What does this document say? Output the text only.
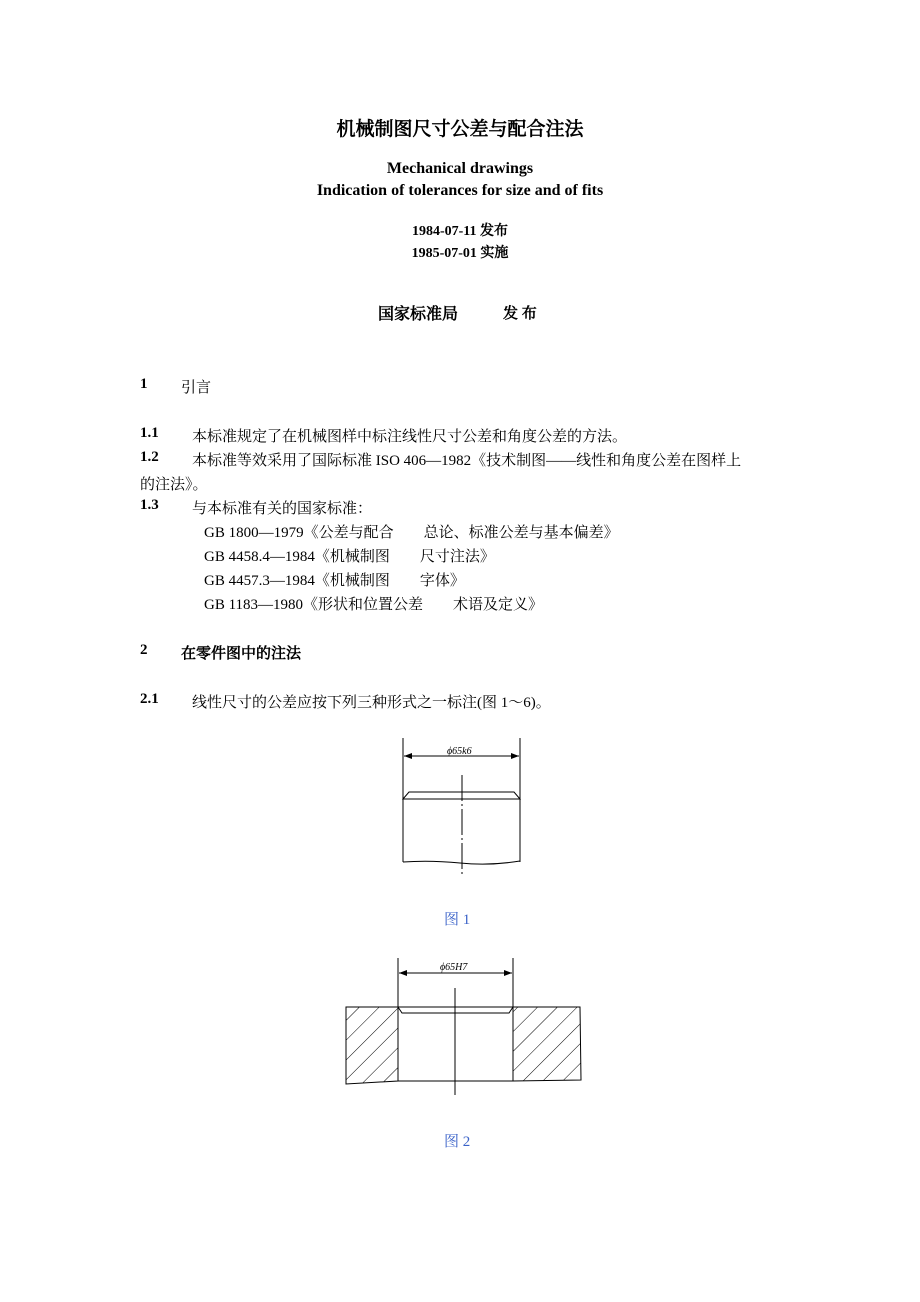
机械制图尺寸公差与配合注法
Mechanical drawings
Indication of tolerances for size and of fits
1984-07-11 发布
1985-07-01 实施
国家标准局	发 布
1 引言
1.1 本标准规定了在机械图样中标注线性尺寸公差和角度公差的方法。
1.2 本标准等效采用了国际标准 ISO 406—1982《技术制图——线性和角度公差在图样上
的注法》。
1.3 与本标准有关的国家标准：
GB 1800—1979《公差与配合　　总论、标准公差与基本偏差》
GB 4458.4—1984《机械制图　　尺寸注法》
GB 4457.3—1984《机械制图　　字体》
GB 1183—1980《形状和位置公差　　术语及定义》
2 在零件图中的注法
2.1 线性尺寸的公差应按下列三种形式之一标注(图 1～6)。
ϕ65k6
图 1
ϕ65H7
图 2
